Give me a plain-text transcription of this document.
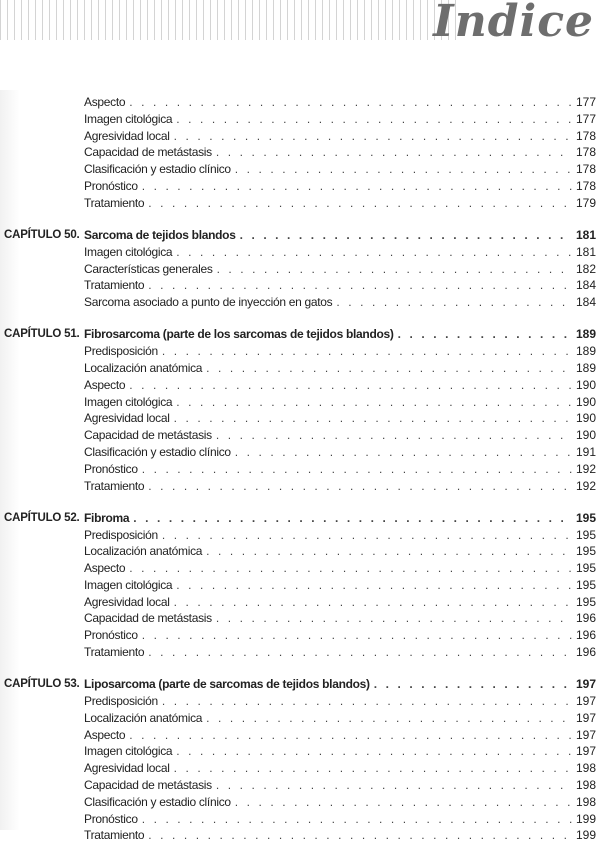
Indice
Aspecto . . .	177
Imagen citológica . . .	177
Agresividad local . . .	178
Capacidad de metástasis . . .	178
Clasificación y estadio clínico . . .	178
Pronóstico . . .	178
Tratamiento . . .	179
CAPÍTULO 50. Sarcoma de tejidos blandos . . .	181
Imagen citológica . . .	181
Características generales . . .	182
Tratamiento . . .	184
Sarcoma asociado a punto de inyección en gatos . . .	184
CAPÍTULO 51. Fibrosarcoma (parte de los sarcomas de tejidos blandos) . . .	189
Predisposición . . .	189
Localización anatómica . . .	189
Aspecto . . .	190
Imagen citológica . . .	190
Agresividad local . . .	190
Capacidad de metástasis . . .	190
Clasificación y estadio clínico . . .	191
Pronóstico . . .	192
Tratamiento . . .	192
CAPÍTULO 52. Fibroma . . .	195
Predisposición . . .	195
Localización anatómica . . .	195
Aspecto . . .	195
Imagen citológica . . .	195
Agresividad local . . .	195
Capacidad de metástasis . . .	196
Pronóstico . . .	196
Tratamiento . . .	196
CAPÍTULO 53. Liposarcoma (parte de sarcomas de tejidos blandos) . . .	197
Predisposición . . .	197
Localización anatómica . . .	197
Aspecto . . .	197
Imagen citológica . . .	197
Agresividad local . . .	198
Capacidad de metástasis . . .	198
Clasificación y estadio clínico . . .	198
Pronóstico . . .	199
Tratamiento . . .	199
